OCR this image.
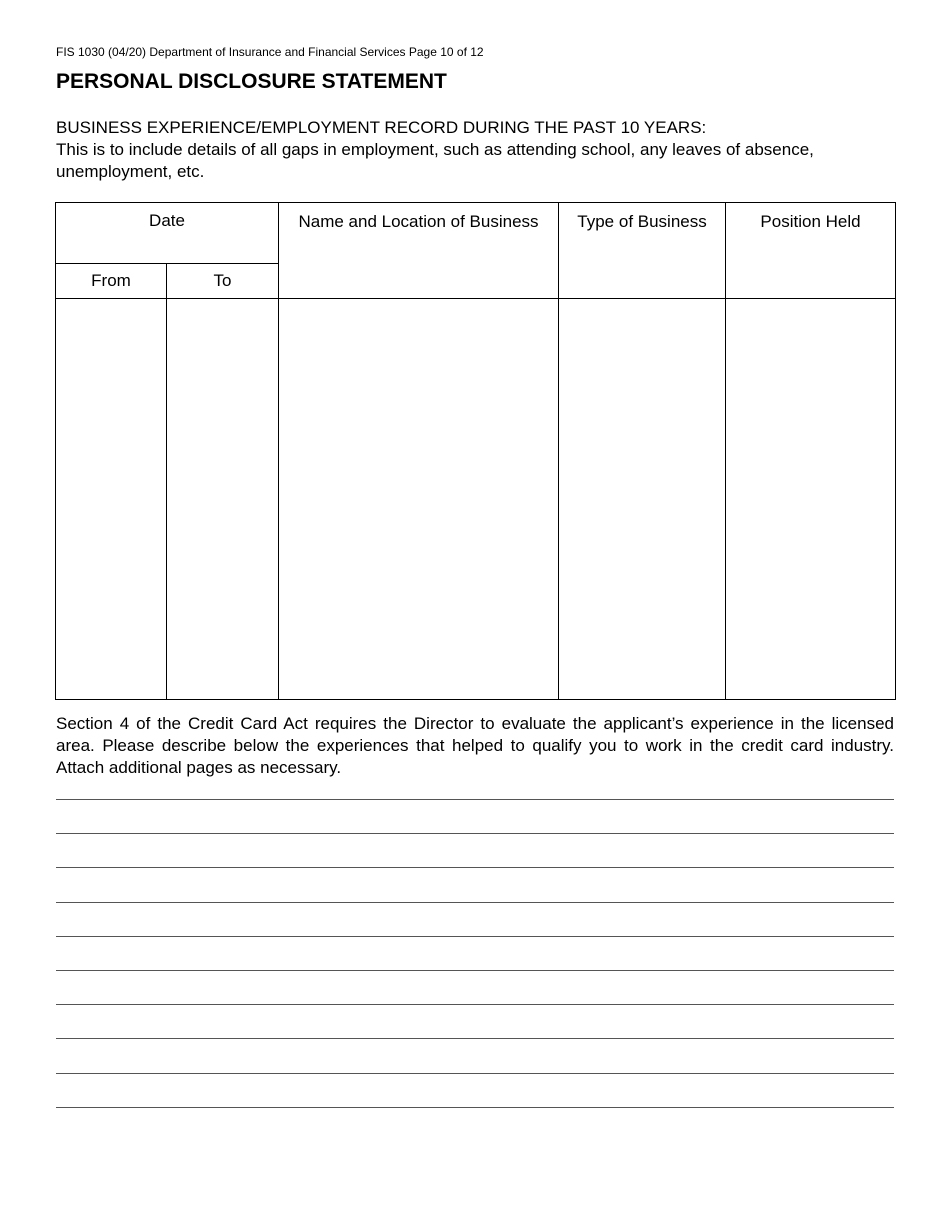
FIS 1030 (04/20) Department of Insurance and Financial Services Page 10 of 12
PERSONAL DISCLOSURE STATEMENT
BUSINESS EXPERIENCE/EMPLOYMENT RECORD DURING THE PAST 10 YEARS:
This is to include details of all gaps in employment, such as attending school, any leaves of absence,
unemployment, etc.
Date		Name and Location of Business	Type of Business	Position Held
From	To			

Section 4 of the Credit Card Act requires the Director to evaluate the applicant’s experience in the licensed area. Please describe below the experiences that helped to qualify you to work in the credit card industry. Attach additional pages as necessary.
